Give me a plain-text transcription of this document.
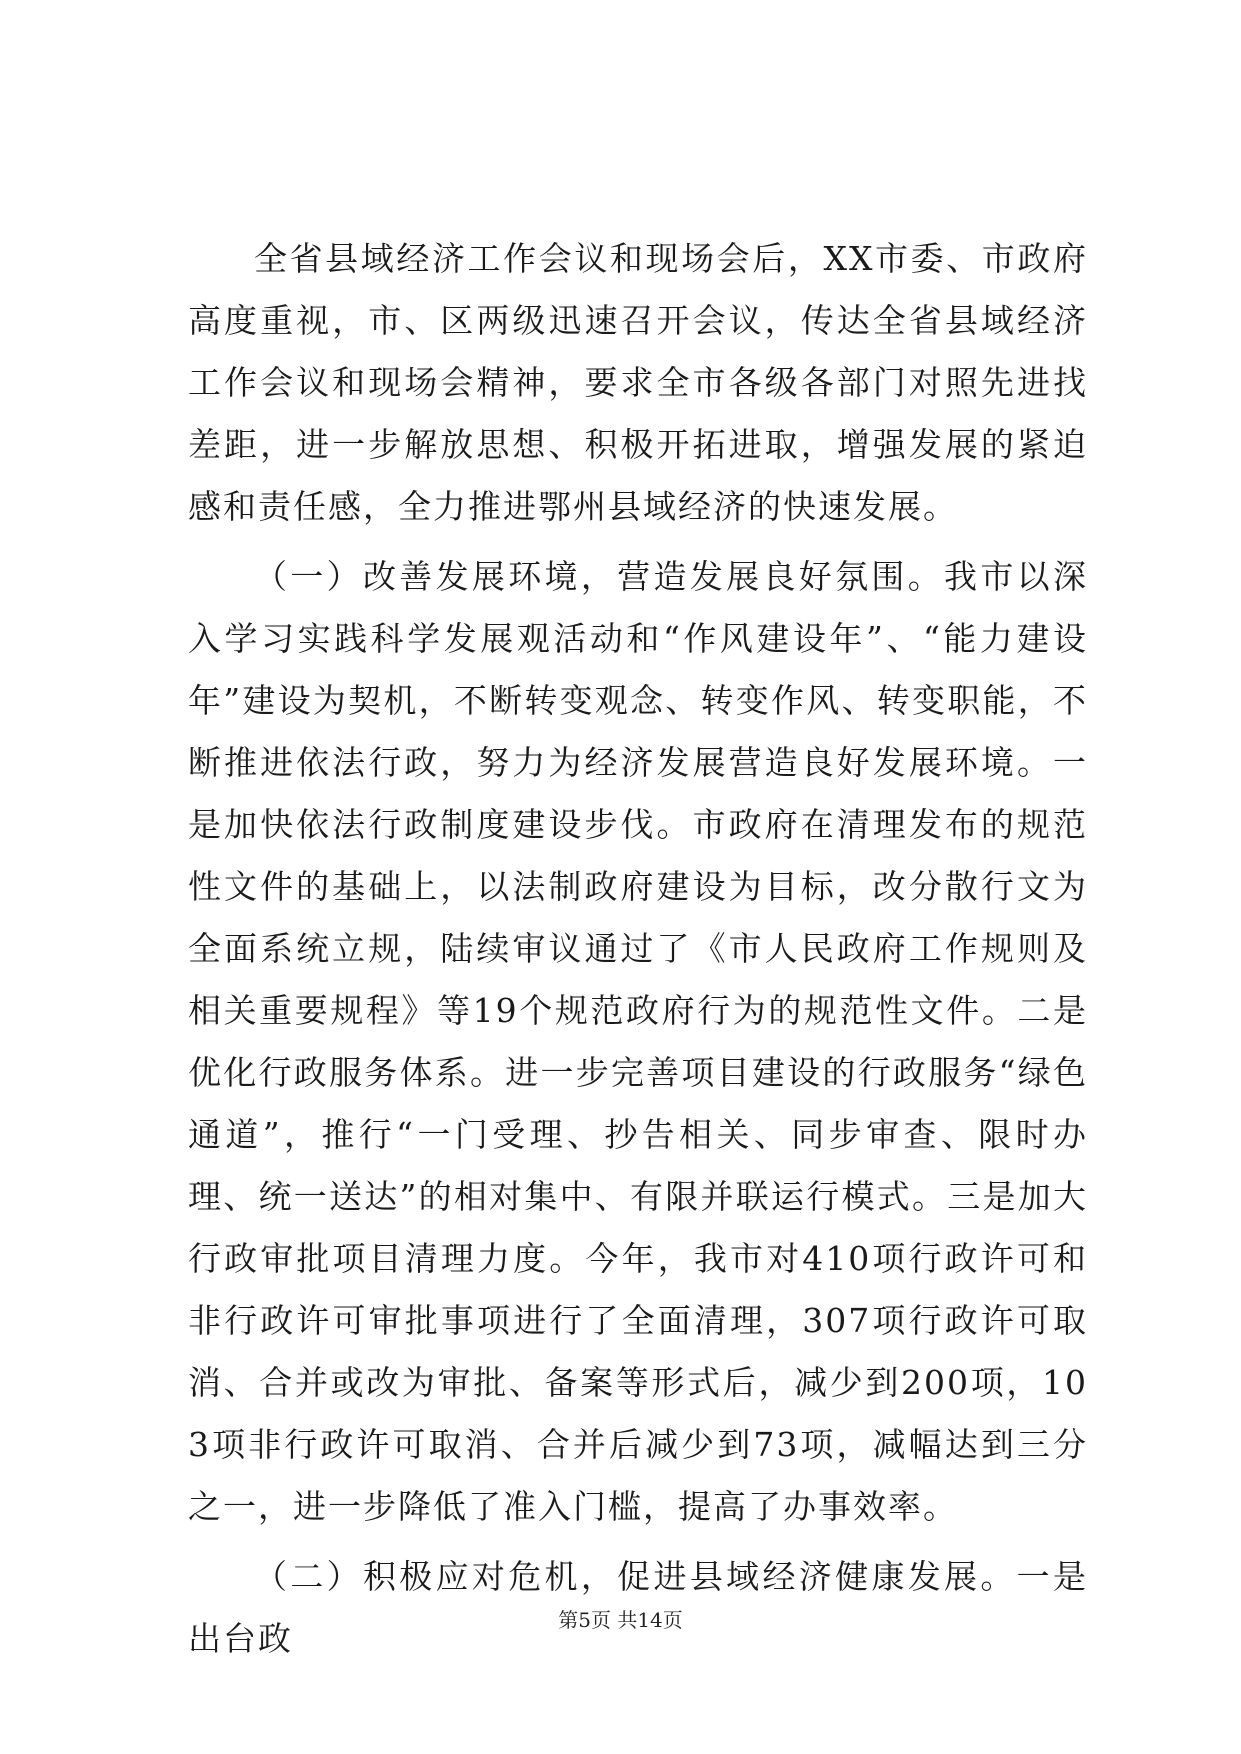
全省县域经济工作会议和现场会后，XX市委、市政府高度重视，市、区两级迅速召开会议，传达全省县域经济工作会议和现场会精神，要求全市各级各部门对照先进找差距，进一步解放思想、积极开拓进取，增强发展的紧迫感和责任感，全力推进鄂州县域经济的快速发展。

（一）改善发展环境，营造发展良好氛围。我市以深入学习实践科学发展观活动和“作风建设年”、“能力建设年”建设为契机，不断转变观念、转变作风、转变职能，不断推进依法行政，努力为经济发展营造良好发展环境。一是加快依法行政制度建设步伐。市政府在清理发布的规范性文件的基础上，以法制政府建设为目标，改分散行文为全面系统立规，陆续审议通过了《市人民政府工作规则及相关重要规程》等19个规范政府行为的规范性文件。二是优化行政服务体系。进一步完善项目建设的行政服务“绿色通道”，推行“一门受理、抄告相关、同步审查、限时办理、统一送达”的相对集中、有限并联运行模式。三是加大行政审批项目清理力度。今年，我市对410项行政许可和非行政许可审批事项进行了全面清理，307项行政许可取消、合并或改为审批、备案等形式后，减少到200项，103项非行政许可取消、合并后减少到73项，减幅达到三分之一，进一步降低了准入门槛，提高了办事效率。

（二）积极应对危机，促进县域经济健康发展。一是出台政	第5页 共14页
